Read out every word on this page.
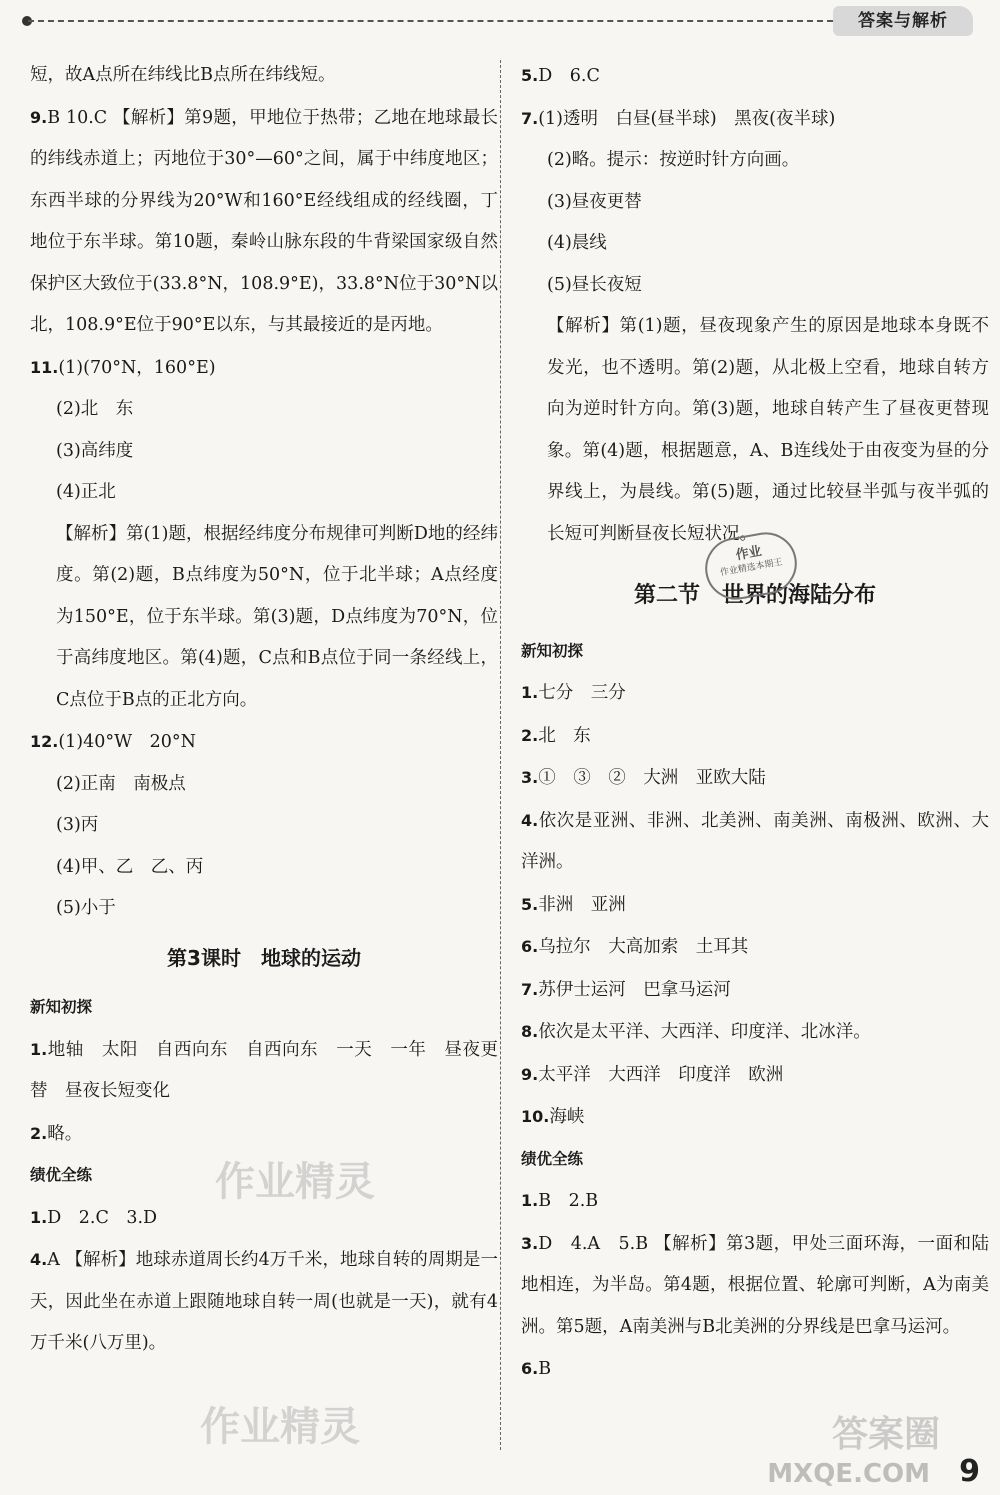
答案与解析
短，故A点所在纬线比B点所在纬线短。
9.B 10.C 【解析】第9题，甲地位于热带；乙地在地球最长的纬线赤道上；丙地位于30°—60°之间，属于中纬度地区；东西半球的分界线为20°W和160°E经线组成的经线圈，丁地位于东半球。第10题，秦岭山脉东段的牛背梁国家级自然保护区大致位于(33.8°N，108.9°E)，33.8°N位于30°N以北，108.9°E位于90°E以东，与其最接近的是丙地。
11.(1)(70°N，160°E)
(2)北　东
(3)高纬度
(4)正北
【解析】第(1)题，根据经纬度分布规律可判断D地的经纬度。第(2)题，B点纬度为50°N，位于北半球；A点经度为150°E，位于东半球。第(3)题，D点纬度为70°N，位于高纬度地区。第(4)题，C点和B点位于同一条经线上，C点位于B点的正北方向。
12.(1)40°W　20°N
(2)正南　南极点
(3)丙
(4)甲、乙　乙、丙
(5)小于
第3课时　地球的运动
新知初探
1.地轴　太阳　自西向东　自西向东　一天　一年　昼夜更替　昼夜长短变化
2.略。
绩优全练
1.D　2.C　3.D
4.A 【解析】地球赤道周长约4万千米，地球自转的周期是一天，因此坐在赤道上跟随地球自转一周(也就是一天)，就有4万千米(八万里)。
5.D　6.C
7.(1)透明　白昼(昼半球)　黑夜(夜半球)
(2)略。提示：按逆时针方向画。
(3)昼夜更替
(4)晨线
(5)昼长夜短
【解析】第(1)题，昼夜现象产生的原因是地球本身既不发光，也不透明。第(2)题，从北极上空看，地球自转方向为逆时针方向。第(3)题，地球自转产生了昼夜更替现象。第(4)题，根据题意，A、B连线处于由夜变为昼的分界线上，为晨线。第(5)题，通过比较昼半弧与夜半弧的长短可判断昼夜长短状况。
第二节　世界的海陆分布
新知初探
1.七分　三分
2.北　东
3.①　③　②　大洲　亚欧大陆
4.依次是亚洲、非洲、北美洲、南美洲、南极洲、欧洲、大洋洲。
5.非洲　亚洲
6.乌拉尔　大高加索　土耳其
7.苏伊士运河　巴拿马运河
8.依次是太平洋、大西洋、印度洋、北冰洋。
9.太平洋　大西洋　印度洋　欧洲
10.海峡
绩优全练
1.B　2.B
3.D　4.A　5.B 【解析】第3题，甲处三面环海，一面和陆地相连，为半岛。第4题，根据位置、轮廓可判断，A为南美洲。第5题，A南美洲与B北美洲的分界线是巴拿马运河。
6.B
作业
作业精选本期王
作业精灵
作业精灵	答案圈
MXQE.COM 9
